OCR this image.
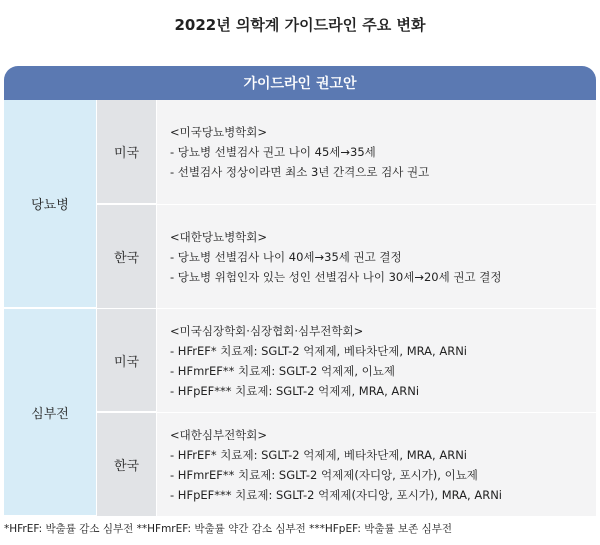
2022년 의학계 가이드라인 주요 변화
가이드라인 권고안
당뇨병
미국
<미국당뇨병학회>
- 당뇨병 선별검사 권고 나이 45세→35세
- 선별검사 정상이라면 최소 3년 간격으로 검사 권고
한국
<대한당뇨병학회>
- 당뇨병 선별검사 나이 40세→35세 권고 결정
- 당뇨병 위험인자 있는 성인 선별검사 나이 30세→20세 권고 결정
심부전
미국
<미국심장학회·심장협회·심부전학회>
- HFrEF* 치료제: SGLT-2 억제제, 베타차단제, MRA, ARNi
- HFmrEF** 치료제: SGLT-2 억제제, 이뇨제
- HFpEF*** 치료제: SGLT-2 억제제, MRA, ARNi
한국
<대한심부전학회>
- HFrEF* 치료제: SGLT-2 억제제, 베타차단제, MRA, ARNi
- HFmrEF** 치료제: SGLT-2 억제제(자디앙, 포시가), 이뇨제
- HFpEF*** 치료제: SGLT-2 억제제(자디앙, 포시가), MRA, ARNi
*HFrEF: 박출률 감소 심부전 **HFmrEF: 박출률 약간 감소 심부전 ***HFpEF: 박출률 보존 심부전
